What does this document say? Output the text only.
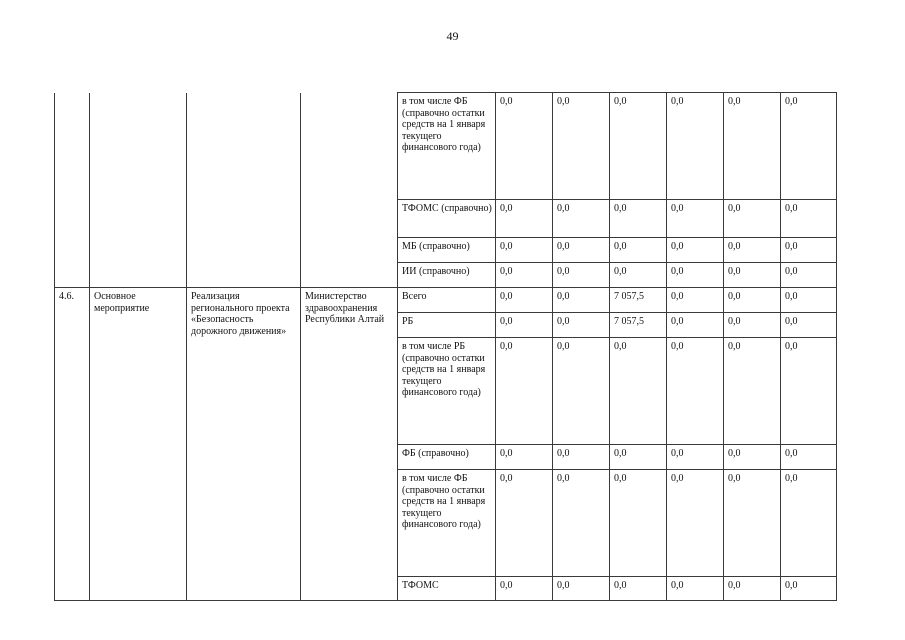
49
				в том числе ФБ (справочно остатки средств на 1 января текущего финансового года)	0,0	0,0	0,0	0,0	0,0	0,0
				ТФОМС (справочно)	0,0	0,0	0,0	0,0	0,0	0,0
				МБ (справочно)	0,0	0,0	0,0	0,0	0,0	0,0
				ИИ (справочно)	0,0	0,0	0,0	0,0	0,0	0,0
4.6.	Основное мероприятие	Реализация регионального проекта «Безопасность дорожного движения»	Министерство здравоохранения Республики Алтай	Всего	0,0	0,0	7 057,5	0,0	0,0	0,0
				РБ	0,0	0,0	7 057,5	0,0	0,0	0,0
				в том числе РБ (справочно остатки средств на 1 января текущего финансового года)	0,0	0,0	0,0	0,0	0,0	0,0
				ФБ (справочно)	0,0	0,0	0,0	0,0	0,0	0,0
				в том числе ФБ (справочно остатки средств на 1 января текущего финансового года)	0,0	0,0	0,0	0,0	0,0	0,0
				ТФОМС	0,0	0,0	0,0	0,0	0,0	0,0
